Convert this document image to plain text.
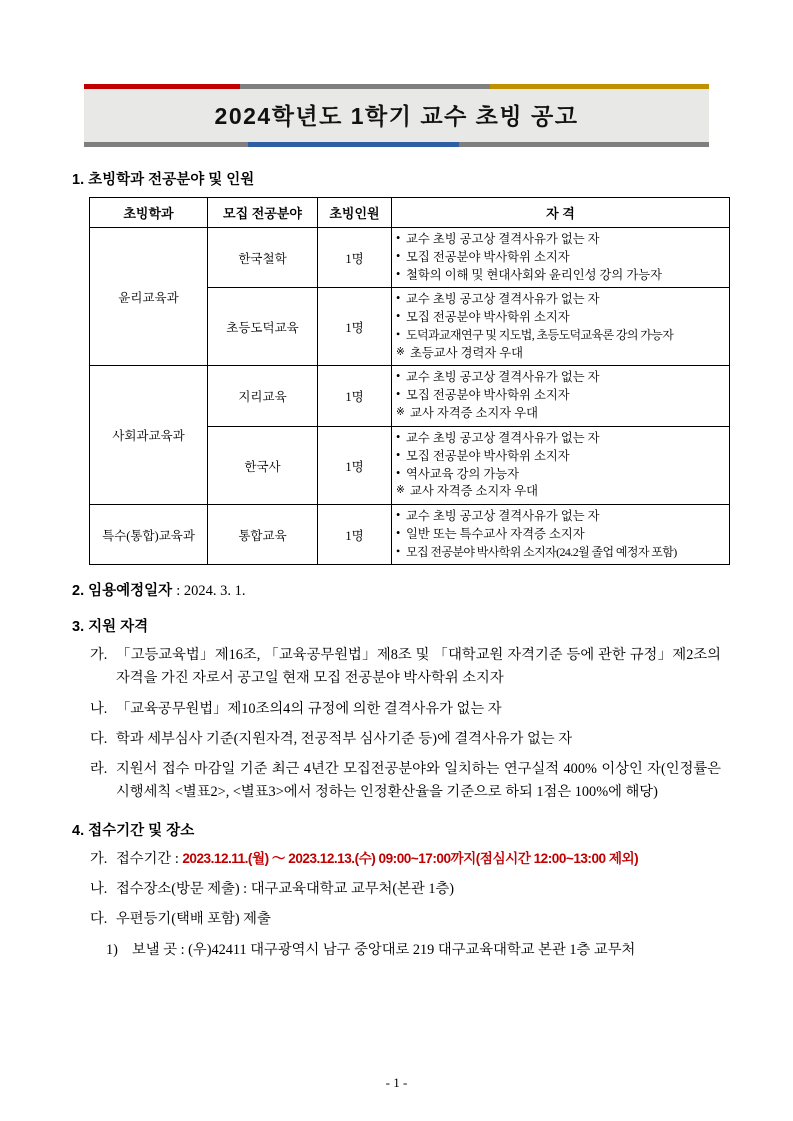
2024학년도 1학기 교수 초빙 공고
1. 초빙학과 전공분야 및 인원
초빙학과	모집 전공분야	초빙인원	자 격
윤리교육과	한국철학	1명	
• 교수 초빙 공고상 결격사유가 없는 자
• 모집 전공분야 박사학위 소지자
• 철학의 이해 및 현대사회와 윤리인성 강의 가능자

초등도덕교육	1명	
• 교수 초빙 공고상 결격사유가 없는 자
• 모집 전공분야 박사학위 소지자
• 도덕과교재연구 및 지도법, 초등도덕교육론 강의 가능자
※ 초등교사 경력자 우대

사회과교육과	지리교육	1명	
• 교수 초빙 공고상 결격사유가 없는 자
• 모집 전공분야 박사학위 소지자
※ 교사 자격증 소지자 우대

한국사	1명	
• 교수 초빙 공고상 결격사유가 없는 자
• 모집 전공분야 박사학위 소지자
• 역사교육 강의 가능자
※ 교사 자격증 소지자 우대

특수(통합)교육과	통합교육	1명	
• 교수 초빙 공고상 결격사유가 없는 자
• 일반 또는 특수교사 자격증 소지자
• 모집 전공분야 박사학위 소지자(24.2월 졸업 예정자 포함)
2. 임용예정일자 : 2024. 3. 1.
3. 지원 자격
가. 「고등교육법」제16조, 「교육공무원법」제8조 및 「대학교원 자격기준 등에 관한 규정」제2조의 자격을 가진 자로서 공고일 현재 모집 전공분야 박사학위 소지자
나. 「교육공무원법」제10조의4의 규정에 의한 결격사유가 없는 자
다. 학과 세부심사 기준(지원자격, 전공적부 심사기준 등)에 결격사유가 없는 자
라. 지원서 접수 마감일 기준 최근 4년간 모집전공분야와 일치하는 연구실적 400% 이상인 자(인정률은 시행세칙 <별표2>, <별표3>에서 정하는 인정환산율을 기준으로 하되 1점은 100%에 해당)
4. 접수기간 및 장소
가. 접수기간 : 2023.12.11.(월) ～ 2023.12.13.(수) 09:00~17:00까지(점심시간 12:00~13:00 제외)
나. 접수장소(방문 제출) : 대구교육대학교 교무처(본관 1층)
다. 우편등기(택배 포함) 제출
1) 보낼 곳 : (우)42411 대구광역시 남구 중앙대로 219 대구교육대학교 본관 1층 교무처
- 1 -
